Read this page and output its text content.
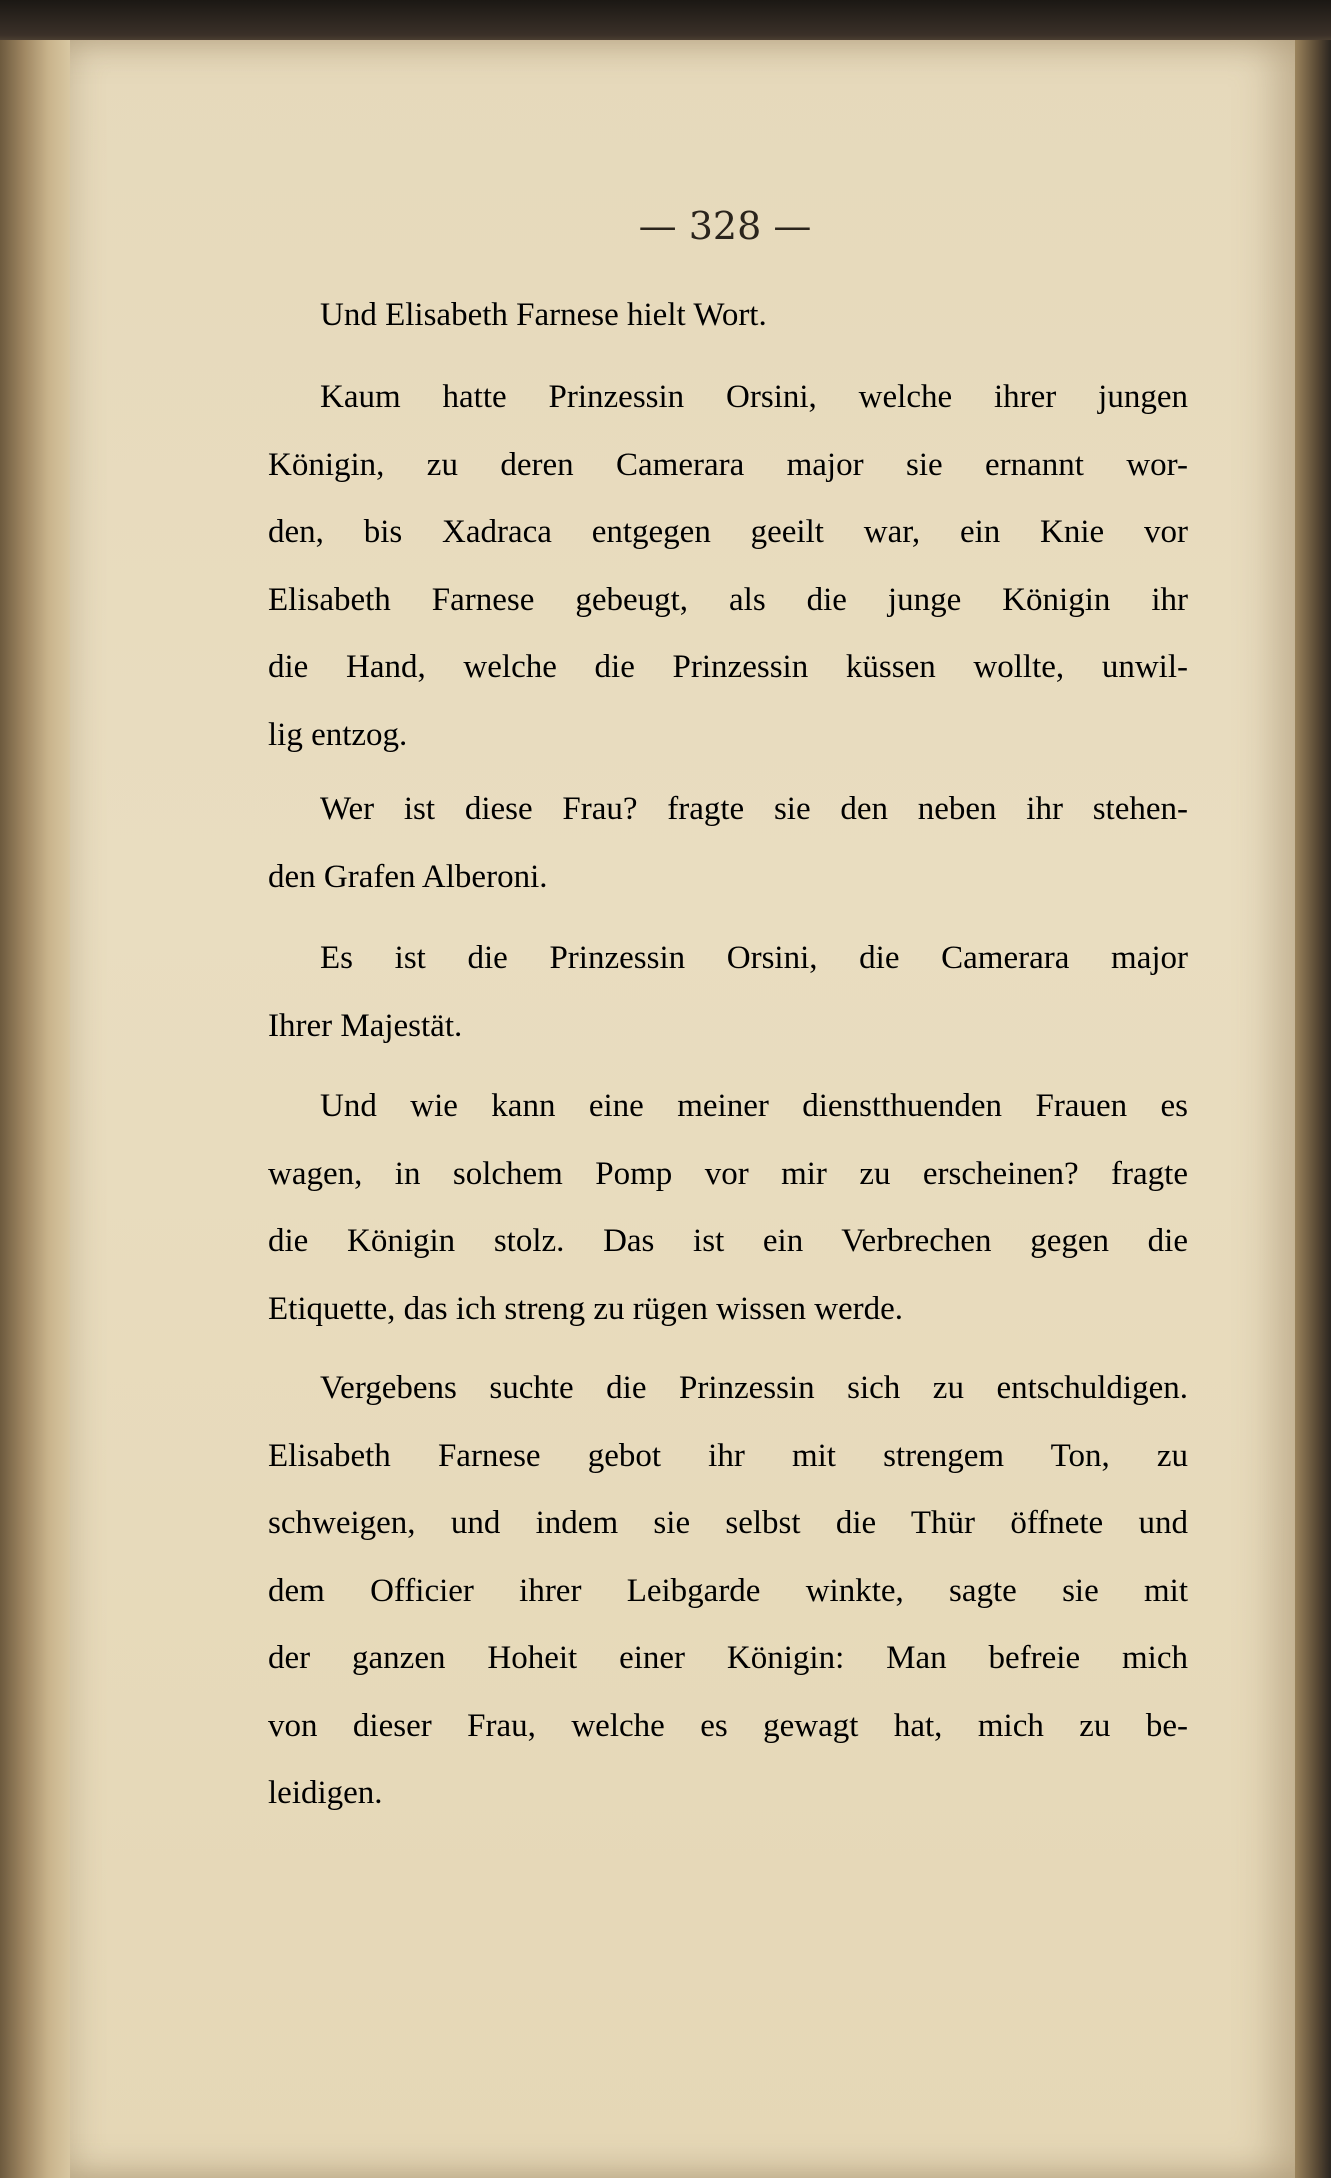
— 328 —
Und Elisabeth Farnese hielt Wort.
Kaum hatte Prinzessin Orsini, welche ihrer jungen
Königin, zu deren Camerara major sie ernannt wor-
den, bis Xadraca entgegen geeilt war, ein Knie vor
Elisabeth Farnese gebeugt, als die junge Königin ihr
die Hand, welche die Prinzessin küssen wollte, unwil-
lig entzog.
Wer ist diese Frau? fragte sie den neben ihr stehen-
den Grafen Alberoni.
Es ist die Prinzessin Orsini, die Camerara major
Ihrer Majestät.
Und wie kann eine meiner dienstthuenden Frauen es
wagen, in solchem Pomp vor mir zu erscheinen? fragte
die Königin stolz. Das ist ein Verbrechen gegen die
Etiquette, das ich streng zu rügen wissen werde.
Vergebens suchte die Prinzessin sich zu entschuldigen.
Elisabeth Farnese gebot ihr mit strengem Ton, zu
schweigen, und indem sie selbst die Thür öffnete und
dem Officier ihrer Leibgarde winkte, sagte sie mit
der ganzen Hoheit einer Königin: Man befreie mich
von dieser Frau, welche es gewagt hat, mich zu be-
leidigen.
